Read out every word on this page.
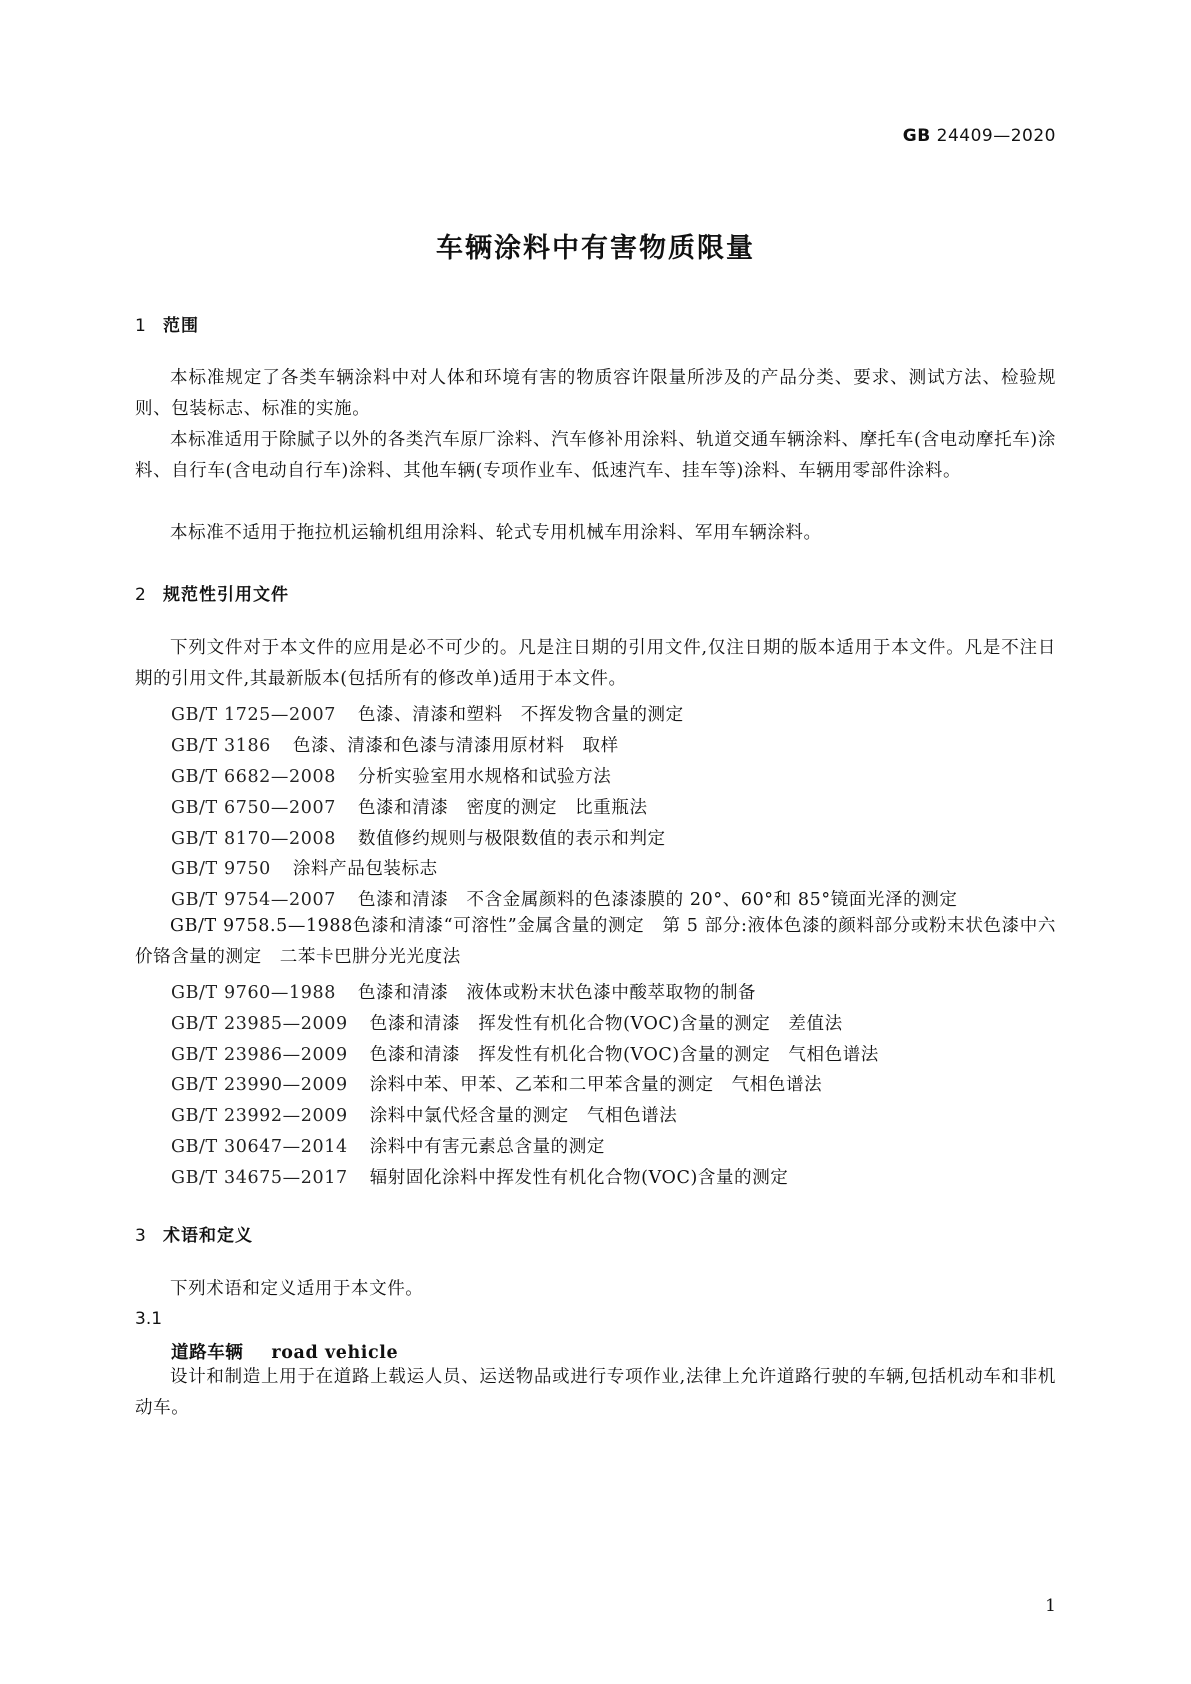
GB 24409—2020
车辆涂料中有害物质限量
1 范围
本标准规定了各类车辆涂料中对人体和环境有害的物质容许限量所涉及的产品分类、要求、测试方法、检验规则、包装标志、标准的实施。
本标准适用于除腻子以外的各类汽车原厂涂料、汽车修补用涂料、轨道交通车辆涂料、摩托车(含电动摩托车)涂料、自行车(含电动自行车)涂料、其他车辆(专项作业车、低速汽车、挂车等)涂料、车辆用零部件涂料。
本标准不适用于拖拉机运输机组用涂料、轮式专用机械车用涂料、军用车辆涂料。
2 规范性引用文件
下列文件对于本文件的应用是必不可少的。凡是注日期的引用文件,仅注日期的版本适用于本文件。凡是不注日期的引用文件,其最新版本(包括所有的修改单)适用于本文件。
GB/T 1725—2007 色漆、清漆和塑料　不挥发物含量的测定
GB/T 3186 色漆、清漆和色漆与清漆用原材料　取样
GB/T 6682—2008 分析实验室用水规格和试验方法
GB/T 6750—2007 色漆和清漆　密度的测定　比重瓶法
GB/T 8170—2008 数值修约规则与极限数值的表示和判定
GB/T 9750 涂料产品包装标志
GB/T 9754—2007 色漆和清漆　不含金属颜料的色漆漆膜的 20°、60°和 85°镜面光泽的测定
GB/T 9758.5—1988色漆和清漆“可溶性”金属含量的测定　第 5 部分:液体色漆的颜料部分或粉末状色漆中六价铬含量的测定　二苯卡巴肼分光光度法
GB/T 9760—1988 色漆和清漆　液体或粉末状色漆中酸萃取物的制备
GB/T 23985—2009 色漆和清漆　挥发性有机化合物(VOC)含量的测定　差值法
GB/T 23986—2009 色漆和清漆　挥发性有机化合物(VOC)含量的测定　气相色谱法
GB/T 23990—2009 涂料中苯、甲苯、乙苯和二甲苯含量的测定　气相色谱法
GB/T 23992—2009 涂料中氯代烃含量的测定　气相色谱法
GB/T 30647—2014 涂料中有害元素总含量的测定
GB/T 34675—2017 辐射固化涂料中挥发性有机化合物(VOC)含量的测定
3 术语和定义
下列术语和定义适用于本文件。
3.1
道路车辆 road vehicle
设计和制造上用于在道路上载运人员、运送物品或进行专项作业,法律上允许道路行驶的车辆,包括机动车和非机动车。
1
